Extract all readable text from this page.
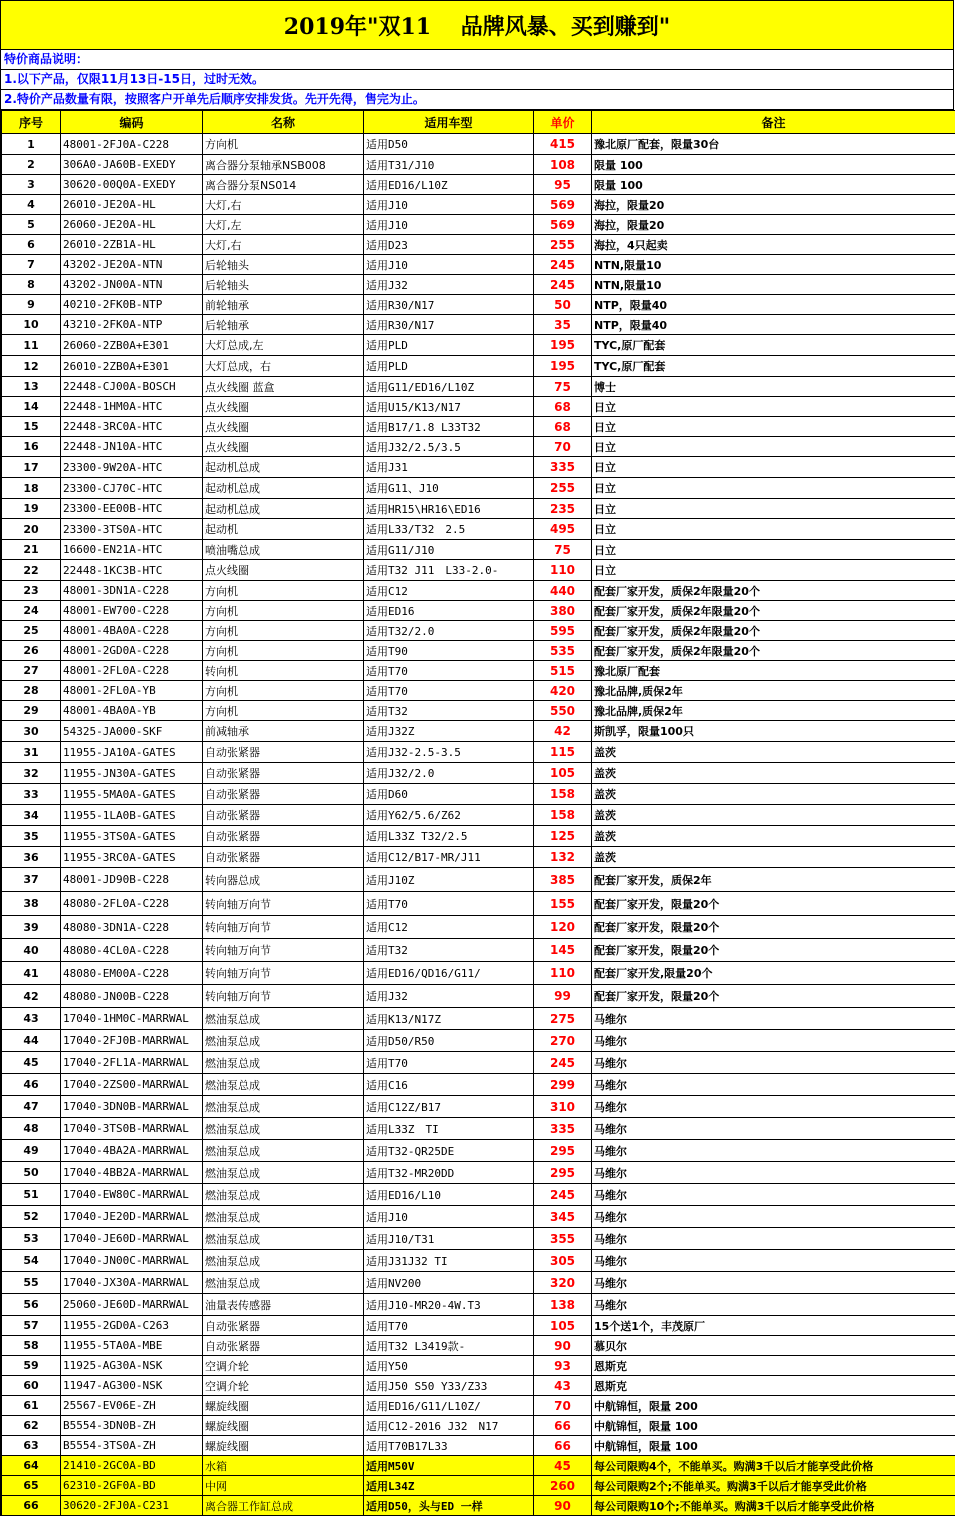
2019年"双11　 品牌风暴、买到赚到"
特价商品说明：
1.以下产品，仅限11月13日-15日，过时无效。
2.特价产品数量有限，按照客户开单先后顺序安排发货。先开先得，售完为止。
序号	编码	名称	适用车型	单价	备注
1	48001-2FJ0A-C228	方向机	适用D50	415	豫北原厂配套，限量30台
2	306A0-JA60B-EXEDY	离合器分泵轴承NSB008	适用T31/J10	108	限量 100
3	30620-00Q0A-EXEDY	离合器分泵NS014	适用ED16/L10Z	95	限量 100
4	26010-JE20A-HL	大灯,右	适用J10	569	海拉，限量20
5	26060-JE20A-HL	大灯,左	适用J10	569	海拉，限量20
6	26010-2ZB1A-HL	大灯,右	适用D23	255	海拉，4只起卖
7	43202-JE20A-NTN	后轮轴头	适用J10	245	NTN,限量10
8	43202-JN00A-NTN	后轮轴头	适用J32	245	NTN,限量10
9	40210-2FK0B-NTP	前轮轴承	适用R30/N17	50	NTP，限量40
10	43210-2FK0A-NTP	后轮轴承	适用R30/N17	35	NTP，限量40
11	26060-2ZB0A+E301	大灯总成,左	适用PLD	195	TYC,原厂配套
12	26010-2ZB0A+E301	大灯总成，右	适用PLD	195	TYC,原厂配套
13	22448-CJ00A-BOSCH	点火线圈 蓝盒	适用G11/ED16/L10Z	75	博士
14	22448-1HM0A-HTC	点火线圈	适用U15/K13/N17	68	日立
15	22448-3RC0A-HTC	点火线圈	适用B17/1.8 L33T32	68	日立
16	22448-JN10A-HTC	点火线圈	适用J32/2.5/3.5	70	日立
17	23300-9W20A-HTC	起动机总成	适用J31	335	日立
18	23300-CJ70C-HTC	起动机总成	适用G11、J10	255	日立
19	23300-EE00B-HTC	起动机总成	适用HR15\HR16\ED16	235	日立
20	23300-3TS0A-HTC	起动机	适用L33/T32　2.5	495	日立
21	16600-EN21A-HTC	喷油嘴总成	适用G11/J10	75	日立
22	22448-1KC3B-HTC	点火线圈	适用T32 J11　L33-2.0-	110	日立
23	48001-3DN1A-C228	方向机	适用C12	440	配套厂家开发，质保2年限量20个
24	48001-EW700-C228	方向机	适用ED16	380	配套厂家开发，质保2年限量20个
25	48001-4BA0A-C228	方向机	适用T32/2.0	595	配套厂家开发，质保2年限量20个
26	48001-2GD0A-C228	方向机	适用T90	535	配套厂家开发，质保2年限量20个
27	48001-2FL0A-C228	转向机	适用T70	515	豫北原厂配套
28	48001-2FL0A-YB	方向机	适用T70	420	豫北品牌,质保2年
29	48001-4BA0A-YB	方向机	适用T32	550	豫北品牌,质保2年
30	54325-JA000-SKF	前减轴承	适用J32Z	42	斯凯孚，限量100只
31	11955-JA10A-GATES	自动张紧器	适用J32-2.5-3.5	115	盖茨
32	11955-JN30A-GATES	自动张紧器	适用J32/2.0	105	盖茨
33	11955-5MA0A-GATES	自动张紧器	适用D60	158	盖茨
34	11955-1LA0B-GATES	自动张紧器	适用Y62/5.6/Z62	158	盖茨
35	11955-3TS0A-GATES	自动张紧器	适用L33Z T32/2.5	125	盖茨
36	11955-3RC0A-GATES	自动张紧器	适用C12/B17-MR/J11	132	盖茨
37	48001-JD90B-C228	转向器总成	适用J10Z	385	配套厂家开发，质保2年
38	48080-2FL0A-C228	转向轴万向节	适用T70	155	配套厂家开发，限量20个
39	48080-3DN1A-C228	转向轴万向节	适用C12	120	配套厂家开发，限量20个
40	48080-4CL0A-C228	转向轴万向节	适用T32	145	配套厂家开发，限量20个
41	48080-EM00A-C228	转向轴万向节	适用ED16/QD16/G11/	110	配套厂家开发,限量20个
42	48080-JN00B-C228	转向轴万向节	适用J32	99	配套厂家开发，限量20个
43	17040-1HM0C-MARRWAL	燃油泵总成	适用K13/N17Z	275	马维尔
44	17040-2FJ0B-MARRWAL	燃油泵总成	适用D50/R50	270	马维尔
45	17040-2FL1A-MARRWAL	燃油泵总成	适用T70	245	马维尔
46	17040-2ZS00-MARRWAL	燃油泵总成	适用C16	299	马维尔
47	17040-3DN0B-MARRWAL	燃油泵总成	适用C12Z/B17	310	马维尔
48	17040-3TS0B-MARRWAL	燃油泵总成	适用L33Z　TI	335	马维尔
49	17040-4BA2A-MARRWAL	燃油泵总成	适用T32-QR25DE	295	马维尔
50	17040-4BB2A-MARRWAL	燃油泵总成	适用T32-MR20DD	295	马维尔
51	17040-EW80C-MARRWAL	燃油泵总成	适用ED16/L10	245	马维尔
52	17040-JE20D-MARRWAL	燃油泵总成	适用J10	345	马维尔
53	17040-JE60D-MARRWAL	燃油泵总成	适用J10/T31	355	马维尔
54	17040-JN00C-MARRWAL	燃油泵总成	适用J31J32 TI	305	马维尔
55	17040-JX30A-MARRWAL	燃油泵总成	适用NV200	320	马维尔
56	25060-JE60D-MARRWAL	油量表传感器	适用J10-MR20-4W.T3	138	马维尔
57	11955-2GD0A-C263	自动张紧器	适用T70	105	15个送1个，丰茂原厂
58	11955-5TA0A-MBE	自动张紧器	适用T32 L3419款-	90	慕贝尔
59	11925-AG30A-NSK	空调介轮	适用Y50	93	恩斯克
60	11947-AG300-NSK	空调介轮	适用J50 S50 Y33/Z33	43	恩斯克
61	25567-EV06E-ZH	螺旋线圈	适用ED16/G11/L10Z/	70	中航锦恒，限量 200
62	B5554-3DN0B-ZH	螺旋线圈	适用C12-2016 J32　N17	66	中航锦恒，限量 100
63	B5554-3TS0A-ZH	螺旋线圈	适用T70B17L33	66	中航锦恒，限量 100
64	21410-2GC0A-BD	水箱	适用M50V	45	每公司限购4个，不能单买。购满3千以后才能享受此价格
65	62310-2GF0A-BD	中网	适用L34Z	260	每公司限购2个;不能单买。购满3千以后才能享受此价格
66	30620-2FJ0A-C231	离合器工作缸总成	适用D50，头与ED 一样	90	每公司限购10个;不能单买。购满3千以后才能享受此价格
